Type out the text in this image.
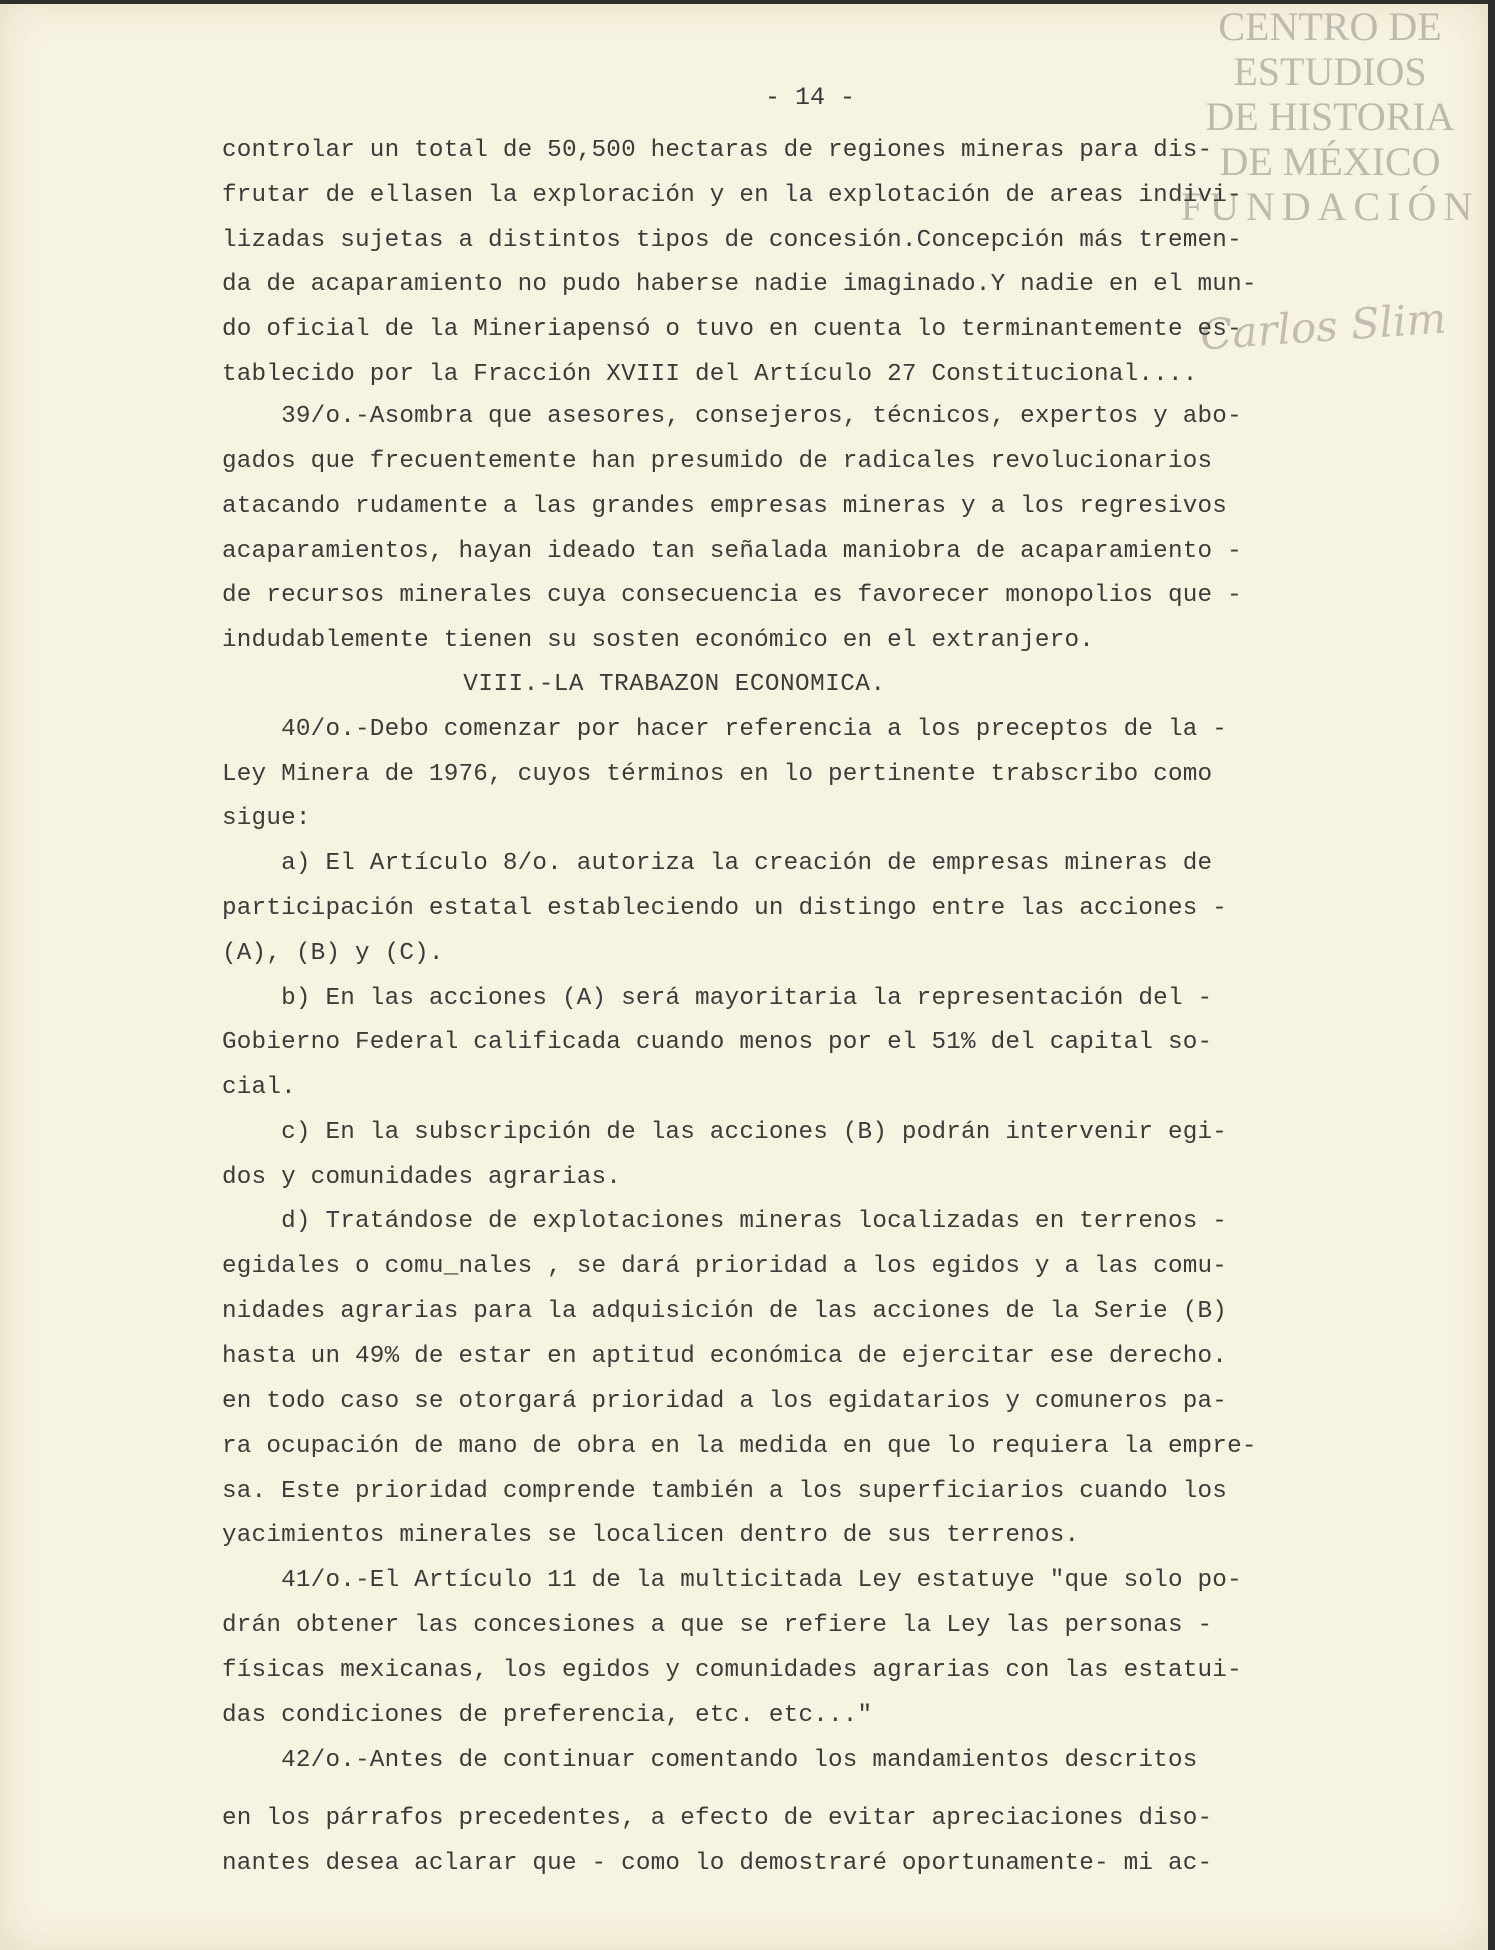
CENTRO DE
ESTUDIOS
DE HISTORIA
DE MÉXICO
FUNDACIÓN
Carlos Slim
- 14 -
controlar un total de 50,500 hectaras de regiones mineras para dis-
frutar de ellasen la exploración y en la explotación de areas indivi-
lizadas sujetas a distintos tipos de concesión.Concepción más tremen-
da de acaparamiento no pudo haberse nadie imaginado.Y nadie en el mun-
do oficial de la Mineriapensó o tuvo en cuenta lo terminantemente es-
tablecido por la Fracción XVIII del Artículo 27 Constitucional....
39/o.-Asombra que asesores, consejeros, técnicos, expertos y abo-
gados que frecuentemente han presumido de radicales revolucionarios
atacando rudamente a las grandes empresas mineras y a los regresivos
acaparamientos, hayan ideado tan señalada maniobra de acaparamiento -
de recursos minerales cuya consecuencia es favorecer monopolios que -
indudablemente tienen su sosten económico en el extranjero.
VIII.-LA TRABAZON ECONOMICA.
40/o.-Debo comenzar por hacer referencia a los preceptos de la -
Ley Minera de 1976, cuyos términos en lo pertinente trabscribo como
sigue:
a) El Artículo 8/o. autoriza la creación de empresas mineras de
participación estatal estableciendo un distingo entre las acciones -
(A), (B) y (C).
b) En las acciones (A) será mayoritaria la representación del -
Gobierno Federal calificada cuando menos por el 51% del capital so-
cial.
c) En la subscripción de las acciones (B) podrán intervenir egi-
dos y comunidades agrarias.
d) Tratándose de explotaciones mineras localizadas en terrenos -
egidales o comu_nales , se dará prioridad a los egidos y a las comu-
nidades agrarias para la adquisición de las acciones de la Serie (B)
hasta un 49% de estar en aptitud económica de ejercitar ese derecho.
en todo caso se otorgará prioridad a los egidatarios y comuneros pa-
ra ocupación de mano de obra en la medida en que lo requiera la empre-
sa. Este prioridad comprende también a los superficiarios cuando los
yacimientos minerales se localicen dentro de sus terrenos.
41/o.-El Artículo 11 de la multicitada Ley estatuye "que solo po-
drán obtener las concesiones a que se refiere la Ley las personas -
físicas mexicanas, los egidos y comunidades agrarias con las estatui-
das condiciones de preferencia, etc. etc..."
42/o.-Antes de continuar comentando los mandamientos descritos
en los párrafos precedentes, a efecto de evitar apreciaciones diso-
nantes desea aclarar que - como lo demostraré oportunamente- mi ac-
